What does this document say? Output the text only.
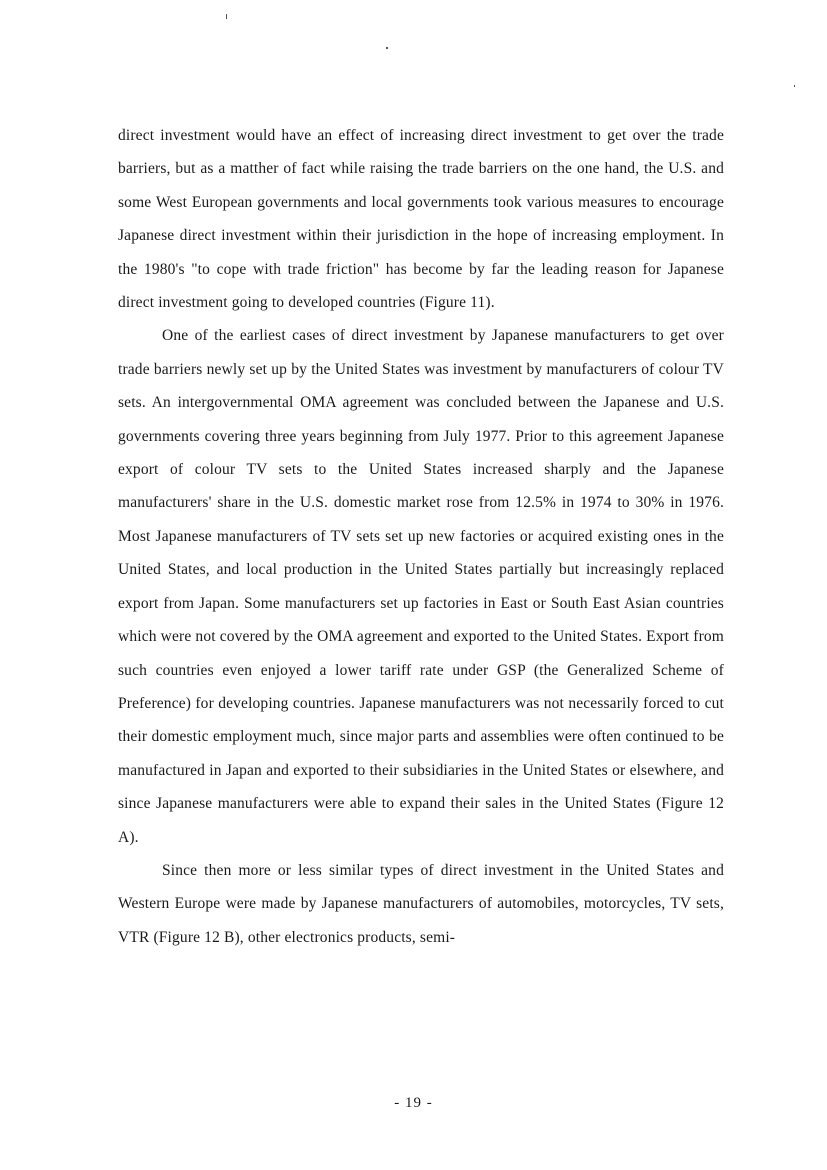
direct investment would have an effect of increasing direct investment to get over the trade barriers, but as a matther of fact while raising the trade barriers on the one hand, the U.S. and some West European governments and local governments took various measures to encourage Japanese direct investment within their jurisdiction in the hope of increasing employment. In the 1980's "to cope with trade friction" has become by far the leading reason for Japanese direct investment going to developed countries (Figure 11).

One of the earliest cases of direct investment by Japanese manufacturers to get over trade barriers newly set up by the United States was investment by manufacturers of colour TV sets. An intergovernmental OMA agreement was concluded between the Japanese and U.S. governments covering three years beginning from July 1977. Prior to this agreement Japanese export of colour TV sets to the United States increased sharply and the Japanese manufacturers' share in the U.S. domestic market rose from 12.5% in 1974 to 30% in 1976. Most Japanese manufacturers of TV sets set up new factories or acquired existing ones in the United States, and local production in the United States partially but increasingly replaced export from Japan. Some manufacturers set up factories in East or South East Asian countries which were not covered by the OMA agreement and exported to the United States. Export from such countries even enjoyed a lower tariff rate under GSP (the Generalized Scheme of Preference) for developing countries. Japanese manufacturers was not necessarily forced to cut their domestic employment much, since major parts and assemblies were often continued to be manufactured in Japan and exported to their subsidiaries in the United States or elsewhere, and since Japanese manufacturers were able to expand their sales in the United States (Figure 12 A).

Since then more or less similar types of direct investment in the United States and Western Europe were made by Japanese manufacturers of automobiles, motorcycles, TV sets, VTR (Figure 12 B), other electronics products, semi-

- 19 -
